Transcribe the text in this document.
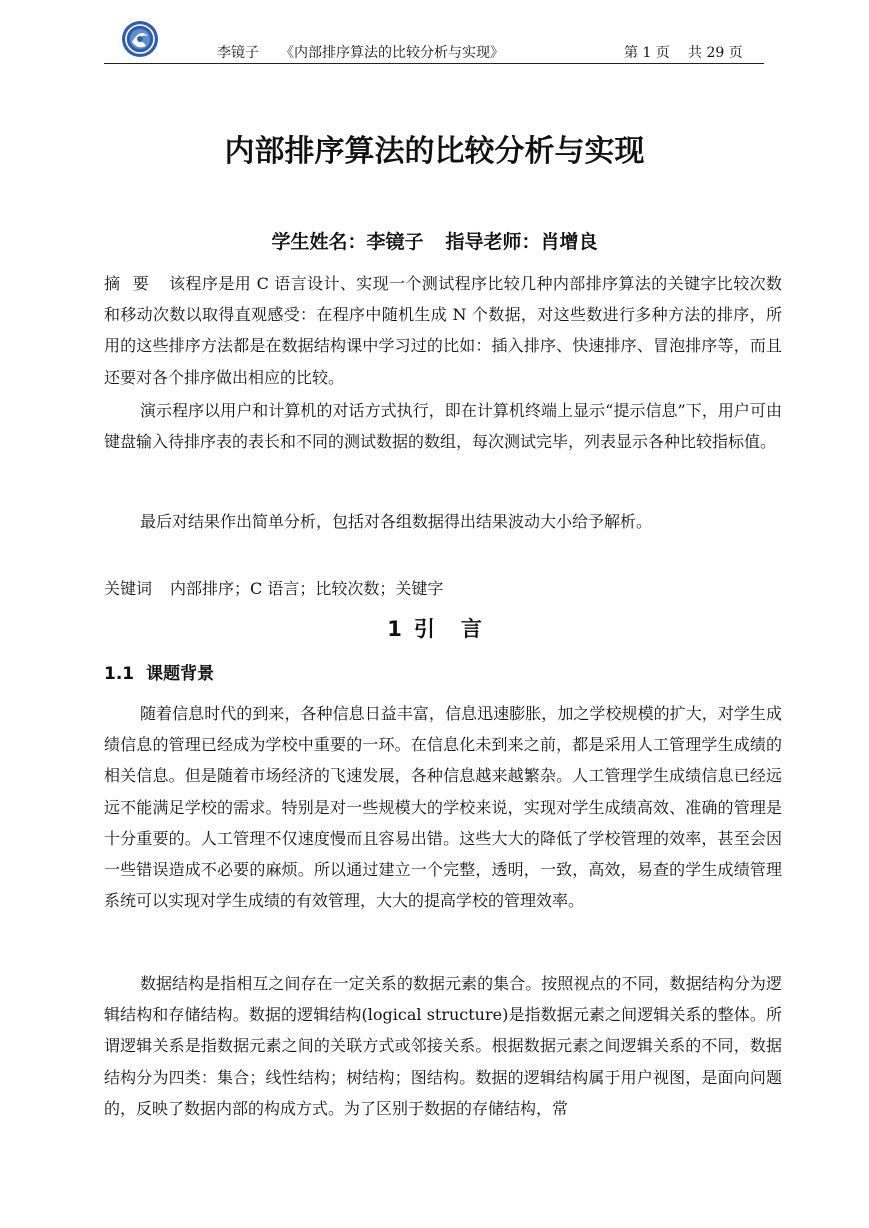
李镜子 《内部排序算法的比较分析与实现》	第 1 页 共 29 页
内部排序算法的比较分析与实现
学生姓名：李镜子 指导老师：肖增良

摘 要 该程序是用 C 语言设计、实现一个测试程序比较几种内部排序算法的关键字比较次数和移动次数以取得直观感受：在程序中随机生成 N 个数据，对这些数进行多种方法的排序，所用的这些排序方法都是在数据结构课中学习过的比如：插入排序、快速排序、冒泡排序等，而且还要对各个排序做出相应的比较。

演示程序以用户和计算机的对话方式执行，即在计算机终端上显示“提示信息”下，用户可由键盘输入待排序表的表长和不同的测试数据的数组，每次测试完毕，列表显示各种比较指标值。

最后对结果作出简单分析，包括对各组数据得出结果波动大小给予解析。

关键词 内部排序；C 语言；比较次数；关键字

1 引 言
1.1 课题背景

随着信息时代的到来，各种信息日益丰富，信息迅速膨胀，加之学校规模的扩大，对学生成绩信息的管理已经成为学校中重要的一环。在信息化未到来之前，都是采用人工管理学生成绩的相关信息。但是随着市场经济的飞速发展，各种信息越来越繁杂。人工管理学生成绩信息已经远远不能满足学校的需求。特别是对一些规模大的学校来说，实现对学生成绩高效、准确的管理是十分重要的。人工管理不仅速度慢而且容易出错。这些大大的降低了学校管理的效率，甚至会因一些错误造成不必要的麻烦。所以通过建立一个完整，透明，一致，高效，易查的学生成绩管理系统可以实现对学生成绩的有效管理，大大的提高学校的管理效率。

数据结构是指相互之间存在一定关系的数据元素的集合。按照视点的不同，数据结构分为逻辑结构和存储结构。数据的逻辑结构(logical structure)是指数据元素之间逻辑关系的整体。所谓逻辑关系是指数据元素之间的关联方式或邻接关系。根据数据元素之间逻辑关系的不同，数据结构分为四类：集合；线性结构；树结构；图结构。数据的逻辑结构属于用户视图，是面向问题的，反映了数据内部的构成方式。为了区别于数据的存储结构，常
